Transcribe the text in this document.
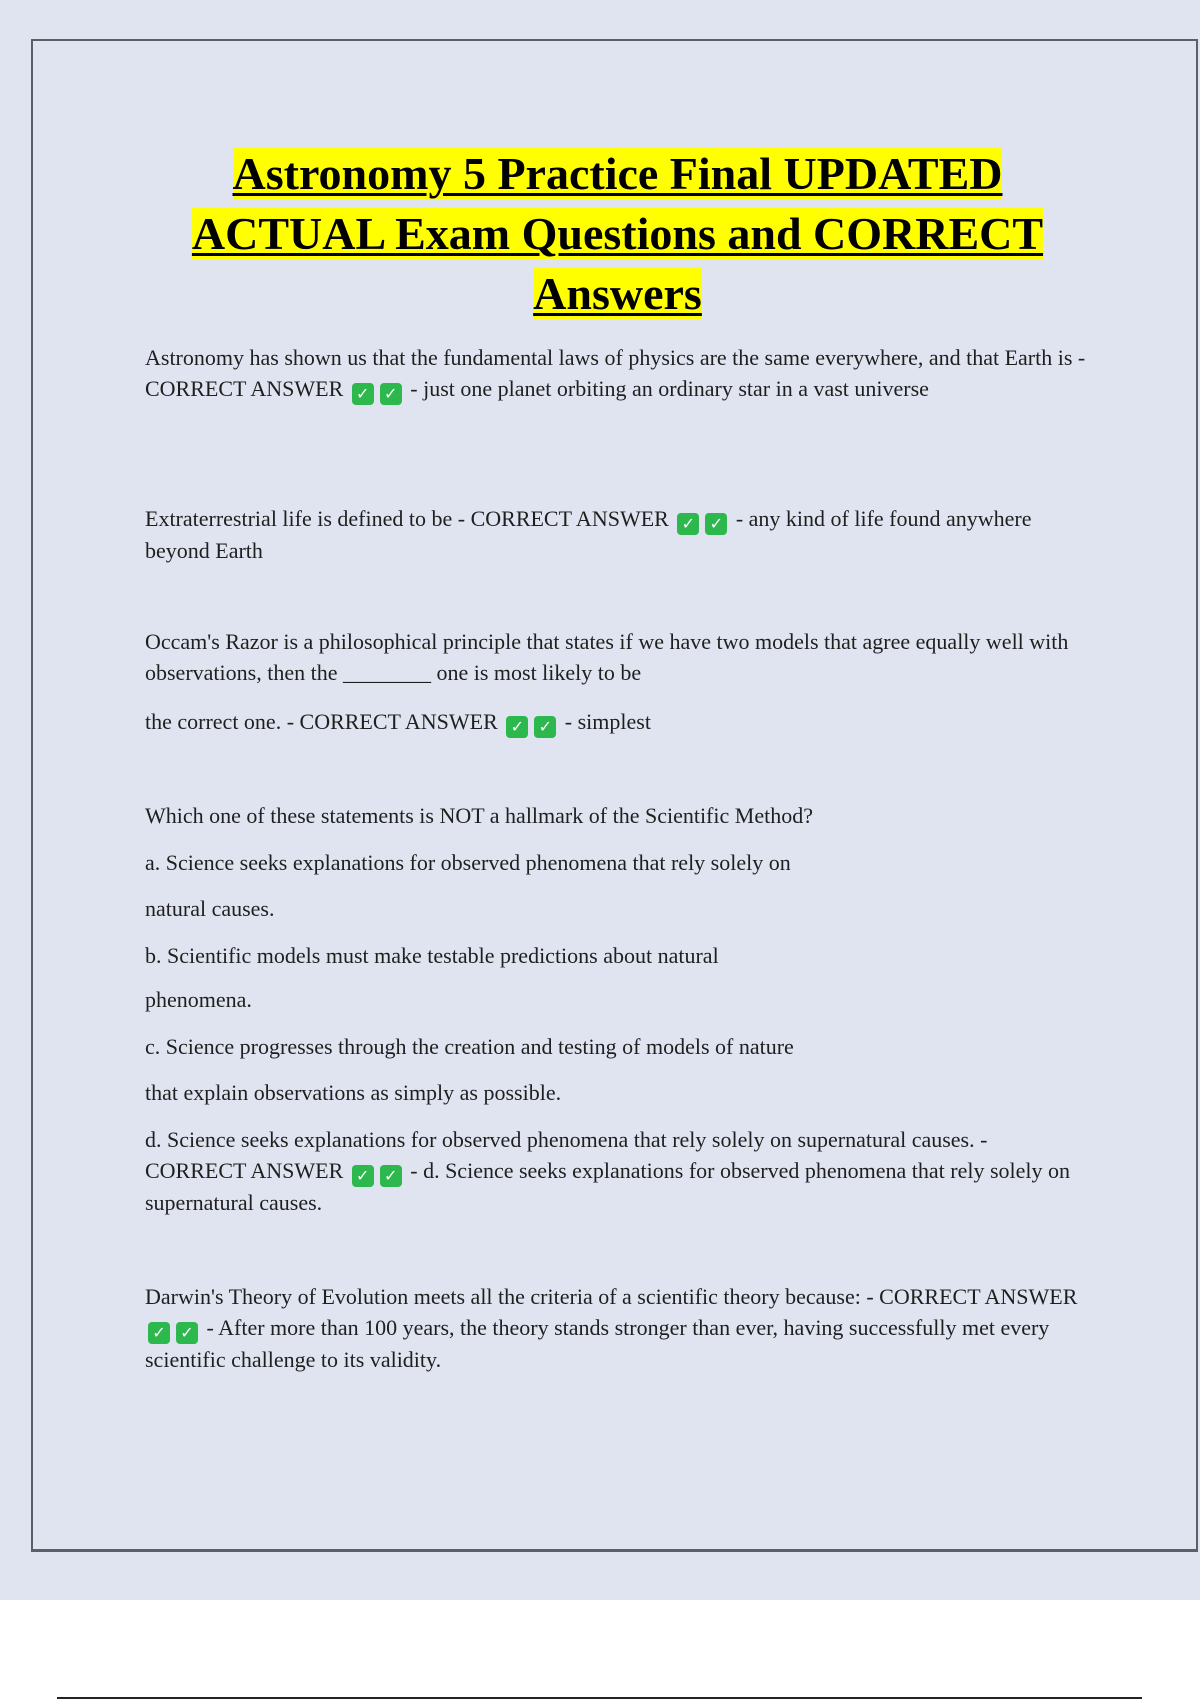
Astronomy 5 Practice Final UPDATED
ACTUAL Exam Questions and CORRECT
Answers

Astronomy has shown us that the fundamental laws of physics are the same everywhere, and that Earth is - CORRECT ANSWER ✓ ✓ - just one planet orbiting an ordinary star in a vast universe

Extraterrestrial life is defined to be - CORRECT ANSWER ✓ ✓ - any kind of life found anywhere beyond Earth

Occam's Razor is a philosophical principle that states if we have two models that agree equally well with observations, then the ________ one is most likely to be

the correct one. - CORRECT ANSWER ✓ ✓ - simplest

Which one of these statements is NOT a hallmark of the Scientific Method?

a. Science seeks explanations for observed phenomena that rely solely on

natural causes.

b. Scientific models must make testable predictions about natural

phenomena.

c. Science progresses through the creation and testing of models of nature

that explain observations as simply as possible.

d. Science seeks explanations for observed phenomena that rely solely on supernatural causes. - CORRECT ANSWER ✓ ✓ - d. Science seeks explanations for observed phenomena that rely solely on supernatural causes.

Darwin's Theory of Evolution meets all the criteria of a scientific theory because: - CORRECT ANSWER ✓ ✓ - After more than 100 years, the theory stands stronger than ever, having successfully met every scientific challenge to its validity.
